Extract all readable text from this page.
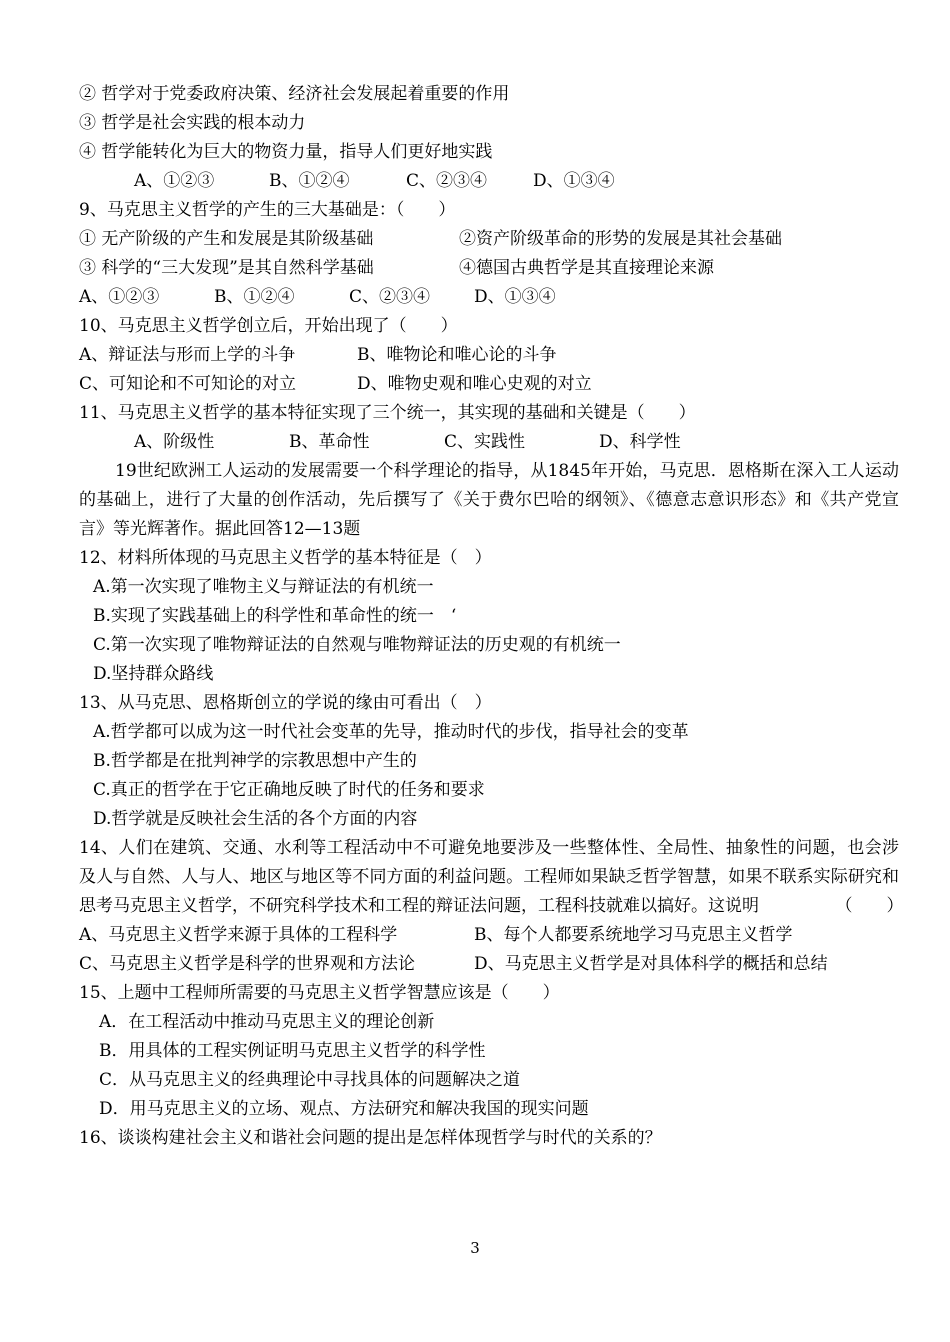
② 哲学对于党委政府决策、经济社会发展起着重要的作用
③ 哲学是社会实践的根本动力
④ 哲学能转化为巨大的物资力量，指导人们更好地实践
A、①②③	B、①②④	C、②③④	D、①③④
9、马克思主义哲学的产生的三大基础是：（　　）
① 无产阶级的产生和发展是其阶级基础	②资产阶级革命的形势的发展是其社会基础
③ 科学的“三大发现”是其自然科学基础	④德国古典哲学是其直接理论来源
A、①②③	B、①②④	C、②③④	D、①③④
10、马克思主义哲学创立后，开始出现了（　　）
A、辩证法与形而上学的斗争	B、唯物论和唯心论的斗争
C、可知论和不可知论的对立	D、唯物史观和唯心史观的对立
11、马克思主义哲学的基本特征实现了三个统一，其实现的基础和关键是（　　）
A、阶级性	B、革命性	C、实践性	D、科学性
19世纪欧洲工人运动的发展需要一个科学理论的指导，从1845年开始，马克思．恩格斯在深入工人运动的基础上，进行了大量的创作活动，先后撰写了《关于费尔巴哈的纲领》、《德意志意识形态》和《共产党宣言》等光辉著作。据此回答12—13题
12、材料所体现的马克思主义哲学的基本特征是（　）
A.第一次实现了唯物主义与辩证法的有机统一
B.实现了实践基础上的科学性和革命性的统一　‘
C.第一次实现了唯物辩证法的自然观与唯物辩证法的历史观的有机统一
D.坚持群众路线
13、从马克思、恩格斯创立的学说的缘由可看出（　）
A.哲学都可以成为这一时代社会变革的先导，推动时代的步伐，指导社会的变革
B.哲学都是在批判神学的宗教思想中产生的
C.真正的哲学在于它正确地反映了时代的任务和要求
D.哲学就是反映社会生活的各个方面的内容
14、人们在建筑、交通、水利等工程活动中不可避免地要涉及一些整体性、全局性、抽象性的问题，也会涉及人与自然、人与人、地区与地区等不同方面的利益问题。工程师如果缺乏哲学智慧，如果不联系实际研究和思考马克思主义哲学，不研究科学技术和工程的辩证法问题，工程科技就难以搞好。这说明　　　　　（　　）
A、马克思主义哲学来源于具体的工程科学	B、每个人都要系统地学习马克思主义哲学
C、马克思主义哲学是科学的世界观和方法论	D、马克思主义哲学是对具体科学的概括和总结
15、上题中工程师所需要的马克思主义哲学智慧应该是（　　）
A．在工程活动中推动马克思主义的理论创新
B．用具体的工程实例证明马克思主义哲学的科学性
C．从马克思主义的经典理论中寻找具体的问题解决之道
D．用马克思主义的立场、观点、方法研究和解决我国的现实问题
16、谈谈构建社会主义和谐社会问题的提出是怎样体现哲学与时代的关系的？
3
